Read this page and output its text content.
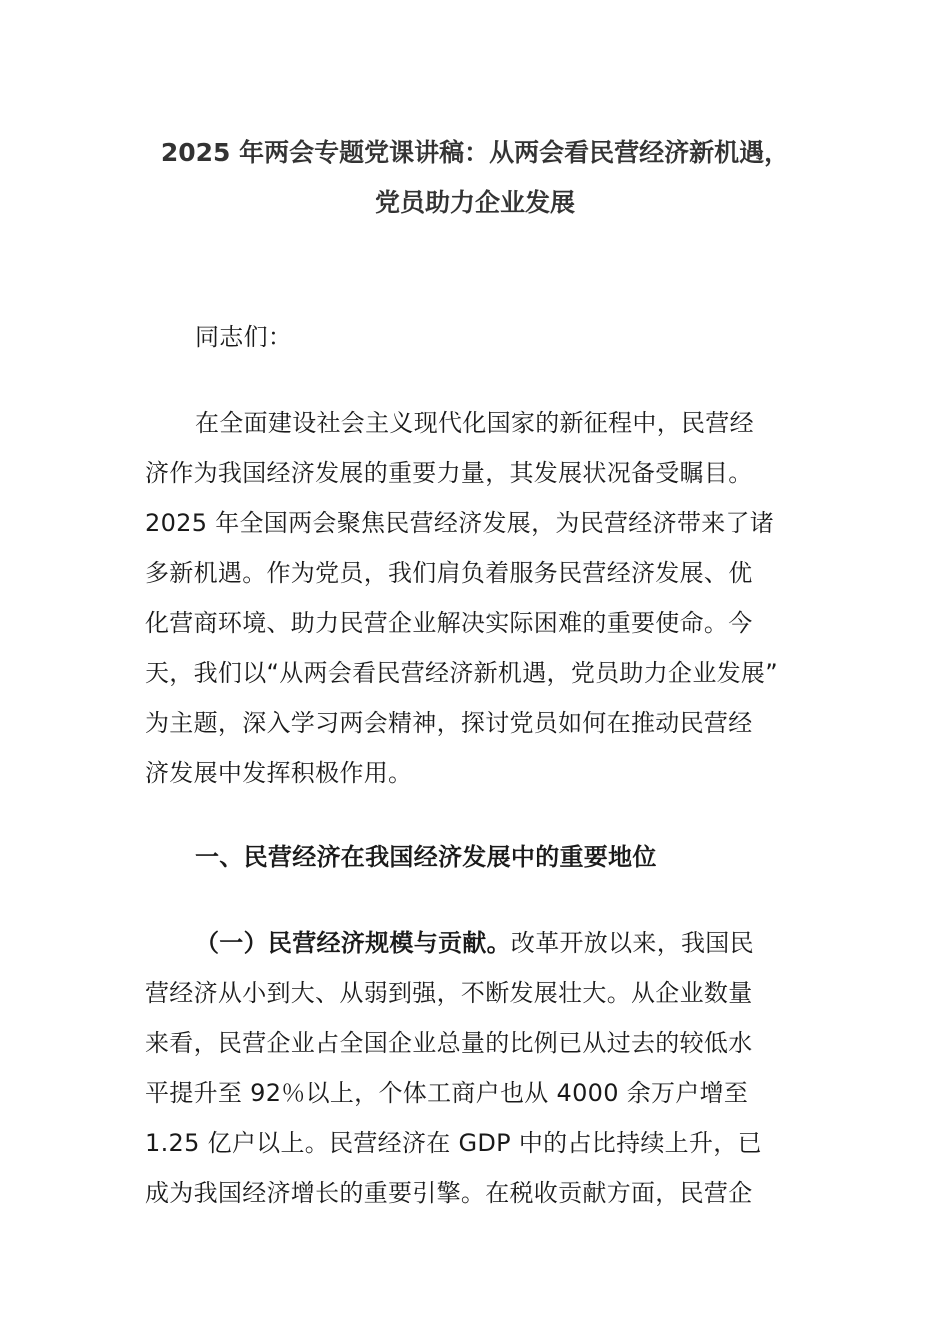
2025 年两会专题党课讲稿：从两会看民营经济新机遇，
党员助力企业发展
同志们：
在全面建设社会主义现代化国家的新征程中，民营经
济作为我国经济发展的重要力量，其发展状况备受瞩目。
2025 年全国两会聚焦民营经济发展，为民营经济带来了诸
多新机遇。作为党员，我们肩负着服务民营经济发展、优
化营商环境、助力民营企业解决实际困难的重要使命。今
天，我们以“从两会看民营经济新机遇，党员助力企业发展”
为主题，深入学习两会精神，探讨党员如何在推动民营经
济发展中发挥积极作用。
一、民营经济在我国经济发展中的重要地位
（一）民营经济规模与贡献。改革开放以来，我国民
营经济从小到大、从弱到强，不断发展壮大。从企业数量
来看，民营企业占全国企业总量的比例已从过去的较低水
平提升至 92％以上，个体工商户也从 4000 余万户增至
1.25 亿户以上。民营经济在 GDP 中的占比持续上升，已
成为我国经济增长的重要引擎。在税收贡献方面，民营企
